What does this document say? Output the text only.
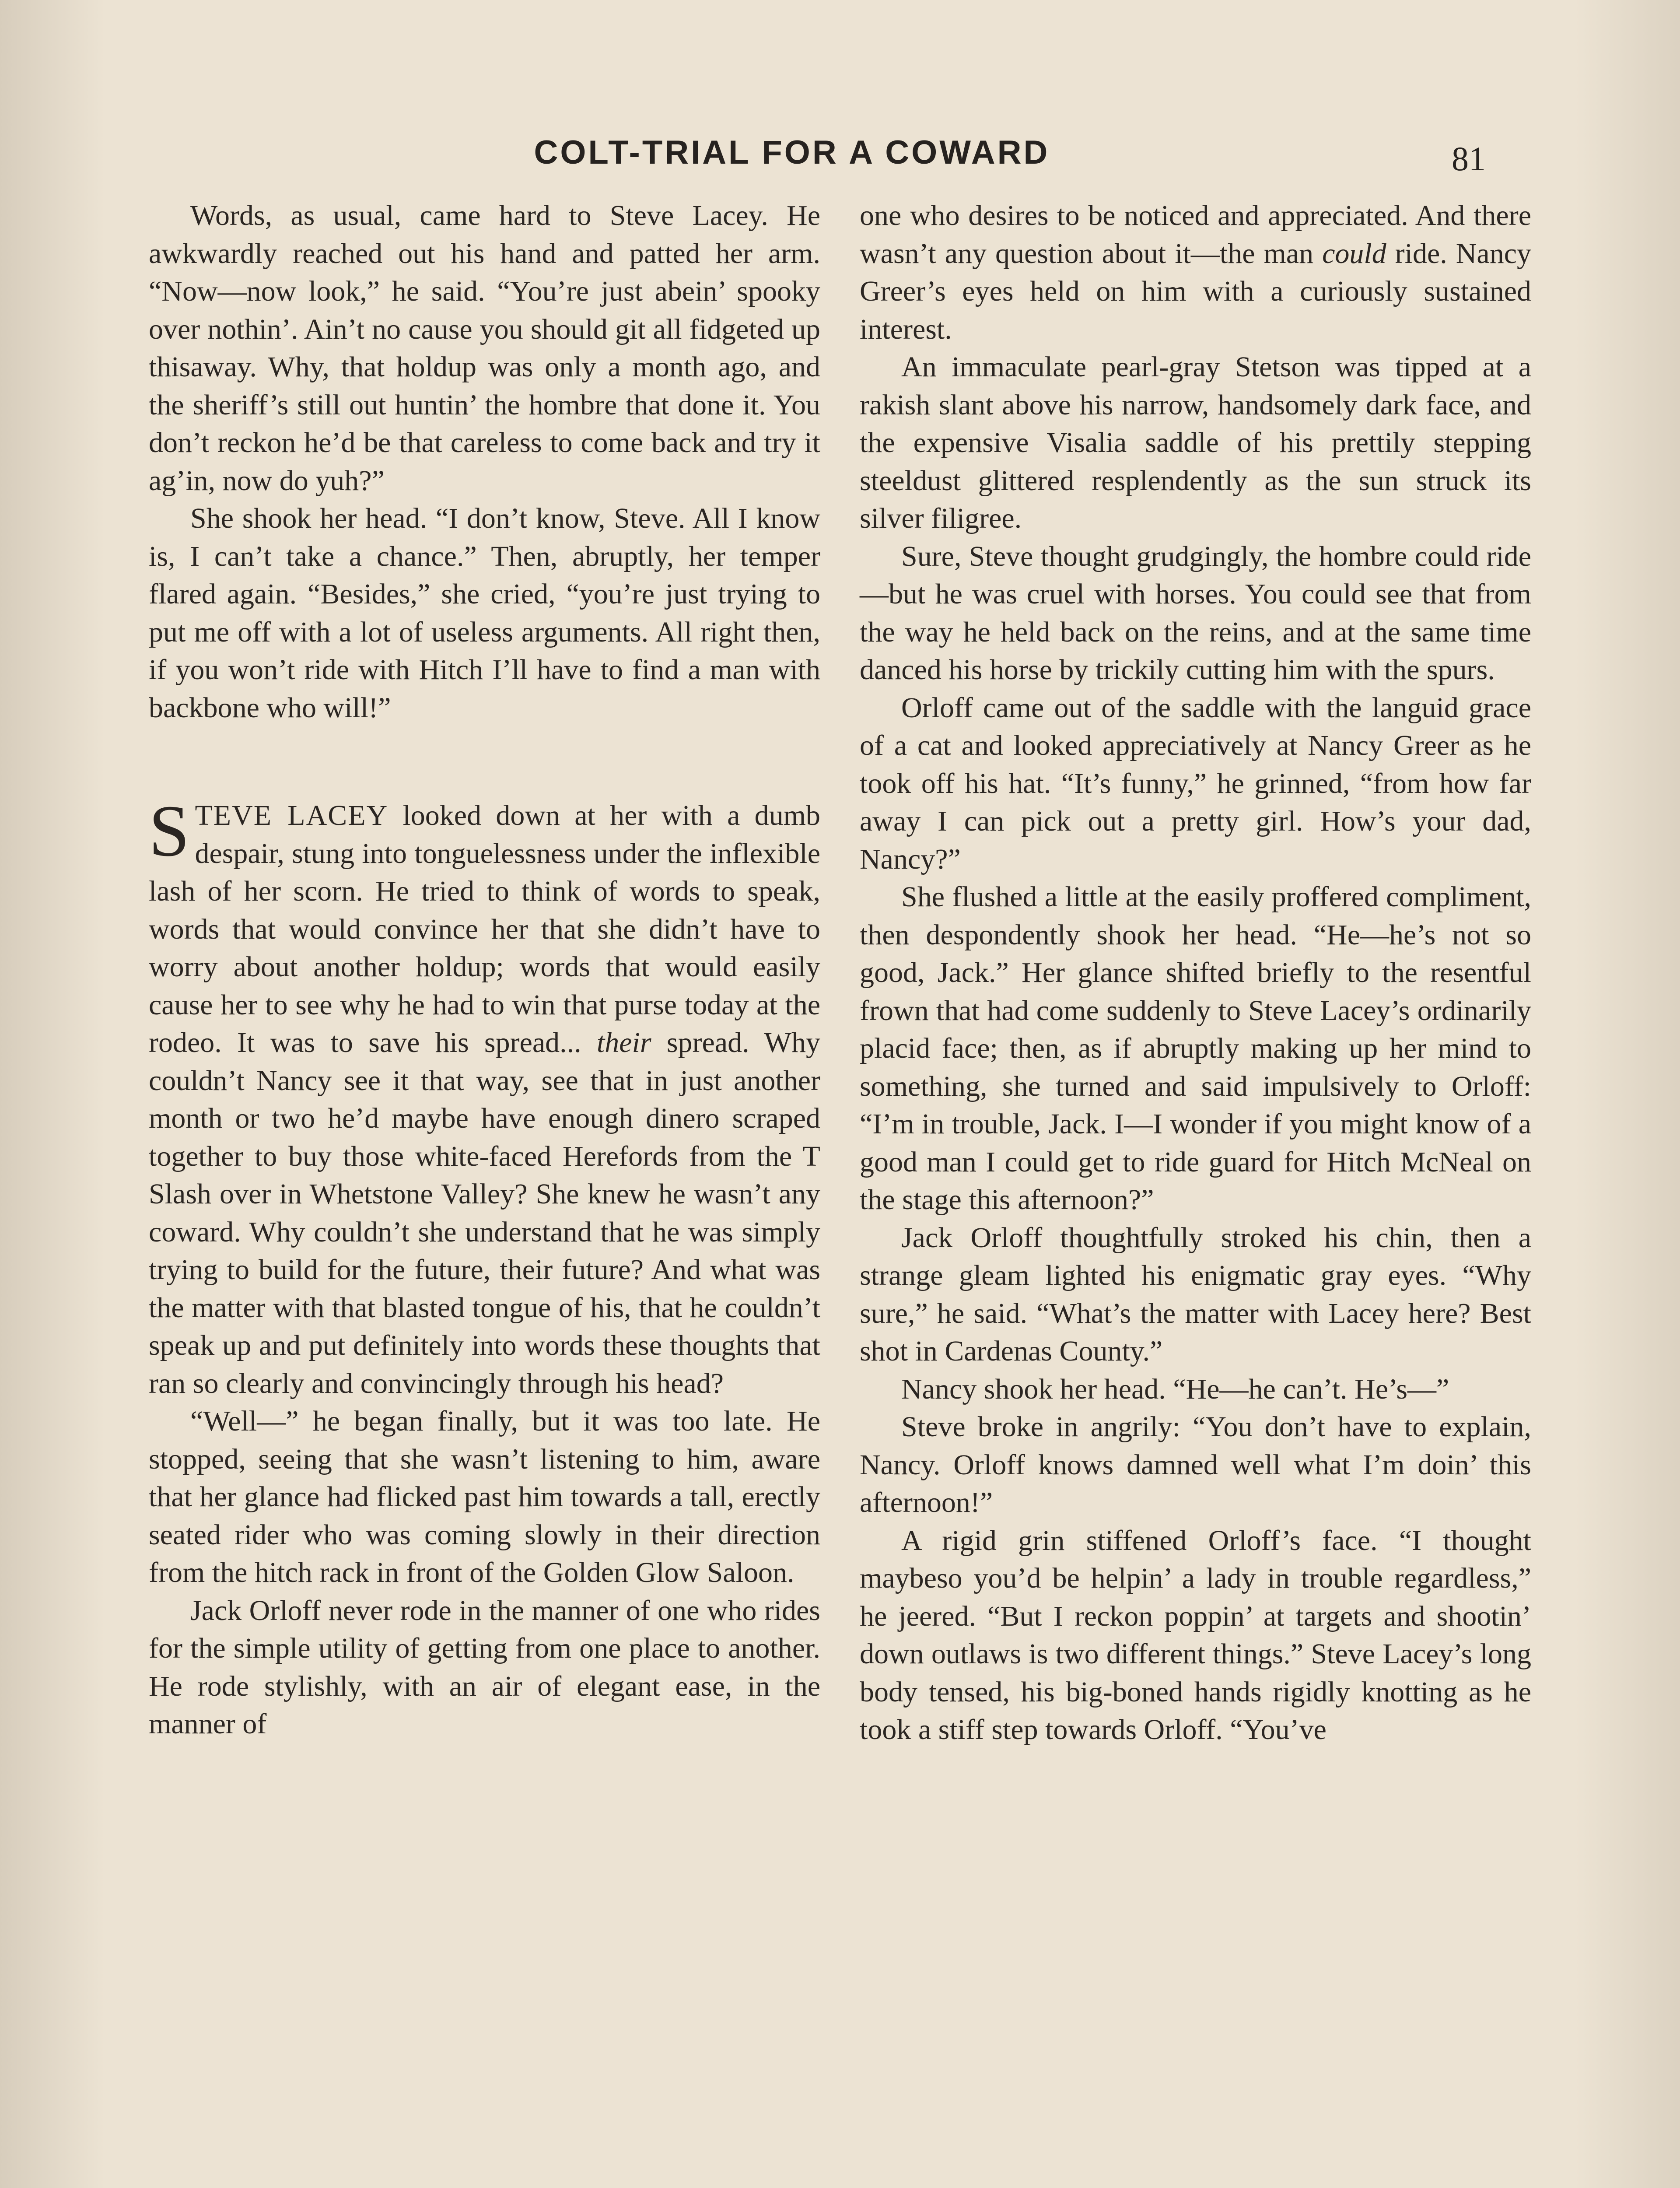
COLT-TRIAL FOR A COWARD	81

Words, as usual, came hard to Steve Lacey. He awkwardly reached out his hand and patted her arm. “Now—now look,” he said. “You’re just abein’ spooky over nothin’. Ain’t no cause you should git all fidgeted up thisaway. Why, that holdup was only a month ago, and the sheriff’s still out huntin’ the hombre that done it. You don’t reckon he’d be that careless to come back and try it ag’in, now do yuh?”

She shook her head. “I don’t know, Steve. All I know is, I can’t take a chance.” Then, abruptly, her temper flared again. “Besides,” she cried, “you’re just trying to put me off with a lot of useless arguments. All right then, if you won’t ride with Hitch I’ll have to find a man with backbone who will!”

STEVE LACEY looked down at her with a dumb despair, stung into tonguelessness under the inflexible lash of her scorn. He tried to think of words to speak, words that would convince her that she didn’t have to worry about another holdup; words that would easily cause her to see why he had to win that purse today at the rodeo. It was to save his spread... their spread. Why couldn’t Nancy see it that way, see that in just another month or two he’d maybe have enough dinero scraped together to buy those white-faced Herefords from the T Slash over in Whetstone Valley? She knew he wasn’t any coward. Why couldn’t she understand that he was simply trying to build for the future, their future? And what was the matter with that blasted tongue of his, that he couldn’t speak up and put definitely into words these thoughts that ran so clearly and convincingly through his head?

“Well—” he began finally, but it was too late. He stopped, seeing that she wasn’t listening to him, aware that her glance had flicked past him towards a tall, erectly seated rider who was coming slowly in their direction from the hitch rack in front of the Golden Glow Saloon.

Jack Orloff never rode in the manner of one who rides for the simple utility of getting from one place to another. He rode stylishly, with an air of elegant ease, in the manner of

one who desires to be noticed and appreciated. And there wasn’t any question about it—the man could ride. Nancy Greer’s eyes held on him with a curiously sustained interest.

An immaculate pearl-gray Stetson was tipped at a rakish slant above his narrow, handsomely dark face, and the expensive Visalia saddle of his prettily stepping steeldust glittered resplendently as the sun struck its silver filigree.

Sure, Steve thought grudgingly, the hombre could ride—but he was cruel with horses. You could see that from the way he held back on the reins, and at the same time danced his horse by trickily cutting him with the spurs.

Orloff came out of the saddle with the languid grace of a cat and looked appreciatively at Nancy Greer as he took off his hat. “It’s funny,” he grinned, “from how far away I can pick out a pretty girl. How’s your dad, Nancy?”

She flushed a little at the easily proffered compliment, then despondently shook her head. “He—he’s not so good, Jack.” Her glance shifted briefly to the resentful frown that had come suddenly to Steve Lacey’s ordinarily placid face; then, as if abruptly making up her mind to something, she turned and said impulsively to Orloff: “I’m in trouble, Jack. I—I wonder if you might know of a good man I could get to ride guard for Hitch McNeal on the stage this afternoon?”

Jack Orloff thoughtfully stroked his chin, then a strange gleam lighted his enigmatic gray eyes. “Why sure,” he said. “What’s the matter with Lacey here? Best shot in Cardenas County.”

Nancy shook her head. “He—he can’t. He’s—”

Steve broke in angrily: “You don’t have to explain, Nancy. Orloff knows damned well what I’m doin’ this afternoon!”

A rigid grin stiffened Orloff’s face. “I thought maybeso you’d be helpin’ a lady in trouble regardless,” he jeered. “But I reckon poppin’ at targets and shootin’ down outlaws is two different things.” Steve Lacey’s long body tensed, his big-boned hands rigidly knotting as he took a stiff step towards Orloff. “You’ve
